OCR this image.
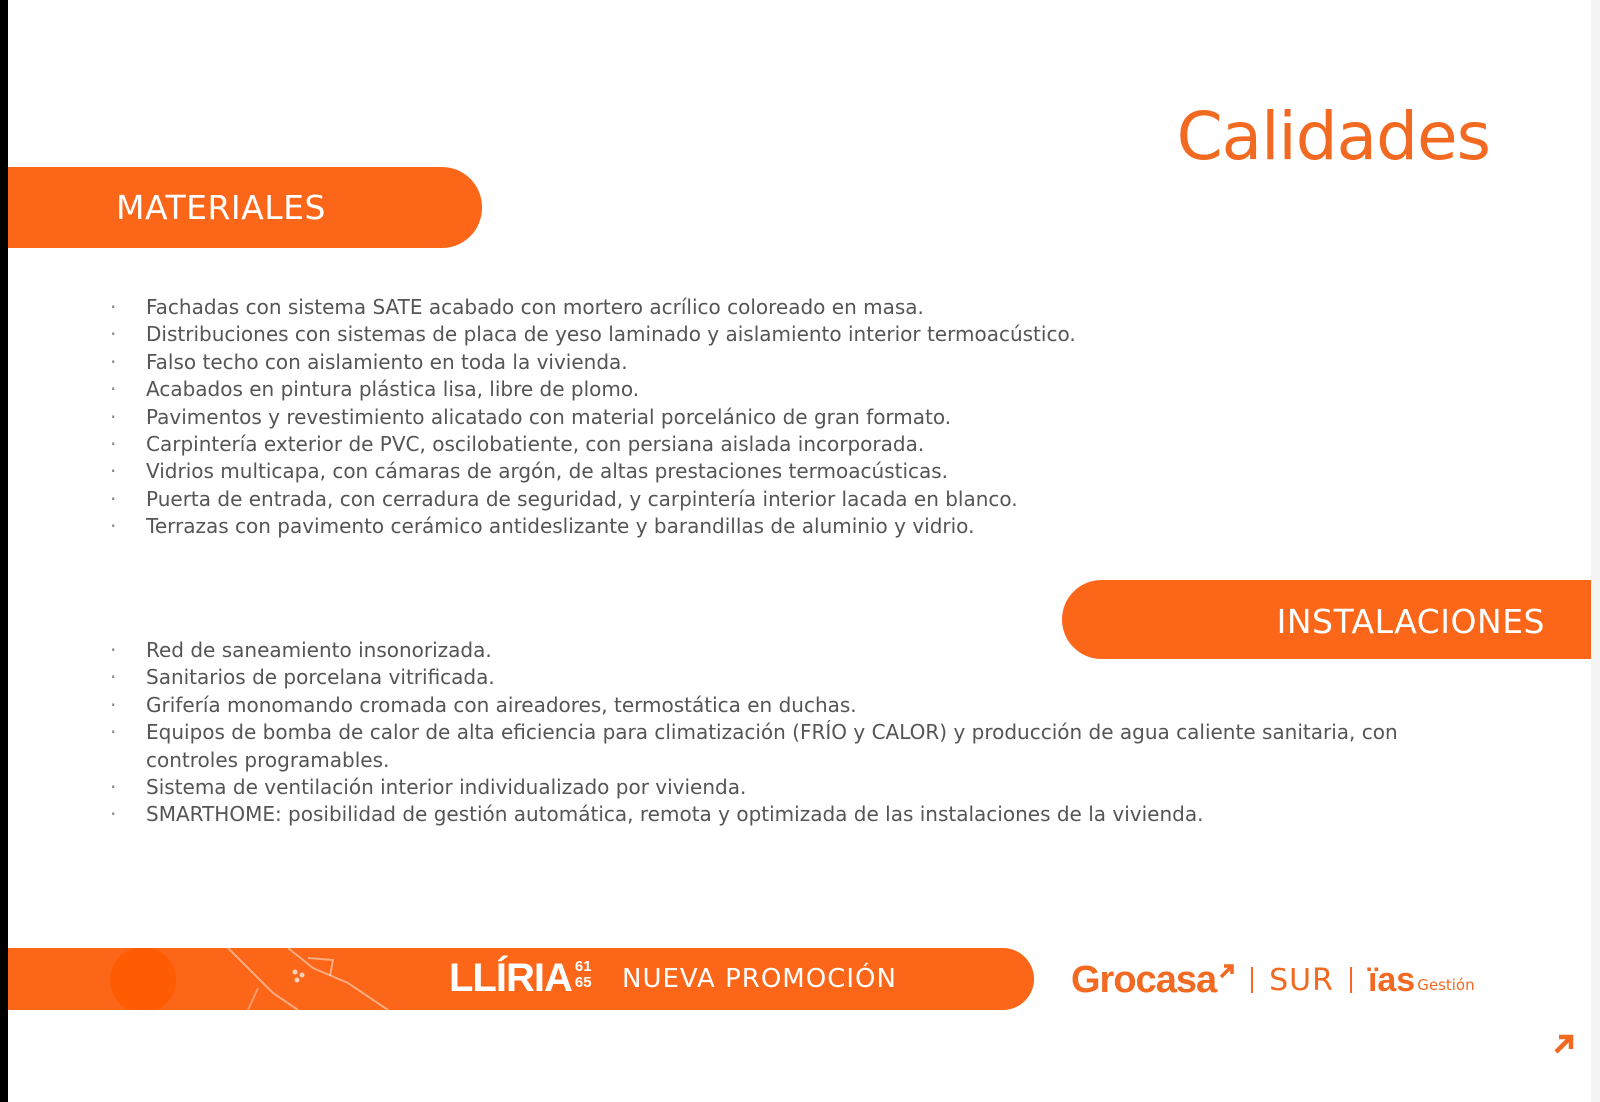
Calidades
MATERIALES
· Fachadas con sistema SATE acabado con mortero acrílico coloreado en masa.
· Distribuciones con sistemas de placa de yeso laminado y aislamiento interior termoacústico.
· Falso techo con aislamiento en toda la vivienda.
· Acabados en pintura plástica lisa, libre de plomo.
· Pavimentos y revestimiento alicatado con material porcelánico de gran formato.
· Carpintería exterior de PVC, oscilobatiente, con persiana aislada incorporada.
· Vidrios multicapa, con cámaras de argón, de altas prestaciones termoacústicas.
· Puerta de entrada, con cerradura de seguridad, y carpintería interior lacada en blanco.
· Terrazas con pavimento cerámico antideslizante y barandillas de aluminio y vidrio.
INSTALACIONES
· Red de saneamiento insonorizada.
· Sanitarios de porcelana vitrificada.
· Grifería monomando cromada con aireadores, termostática en duchas.
· Equipos de bomba de calor de alta eficiencia para climatización (FRÍO y CALOR) y producción de agua caliente sanitaria, con controles programables.
· Sistema de ventilación interior individualizado por vivienda.
· SMARTHOME: posibilidad de gestión automática, remota y optimizada de las instalaciones de la vivienda.
LLÍRIA 61
65 NUEVA PROMOCIÓN	Grocasa SUR ïas Gestión
